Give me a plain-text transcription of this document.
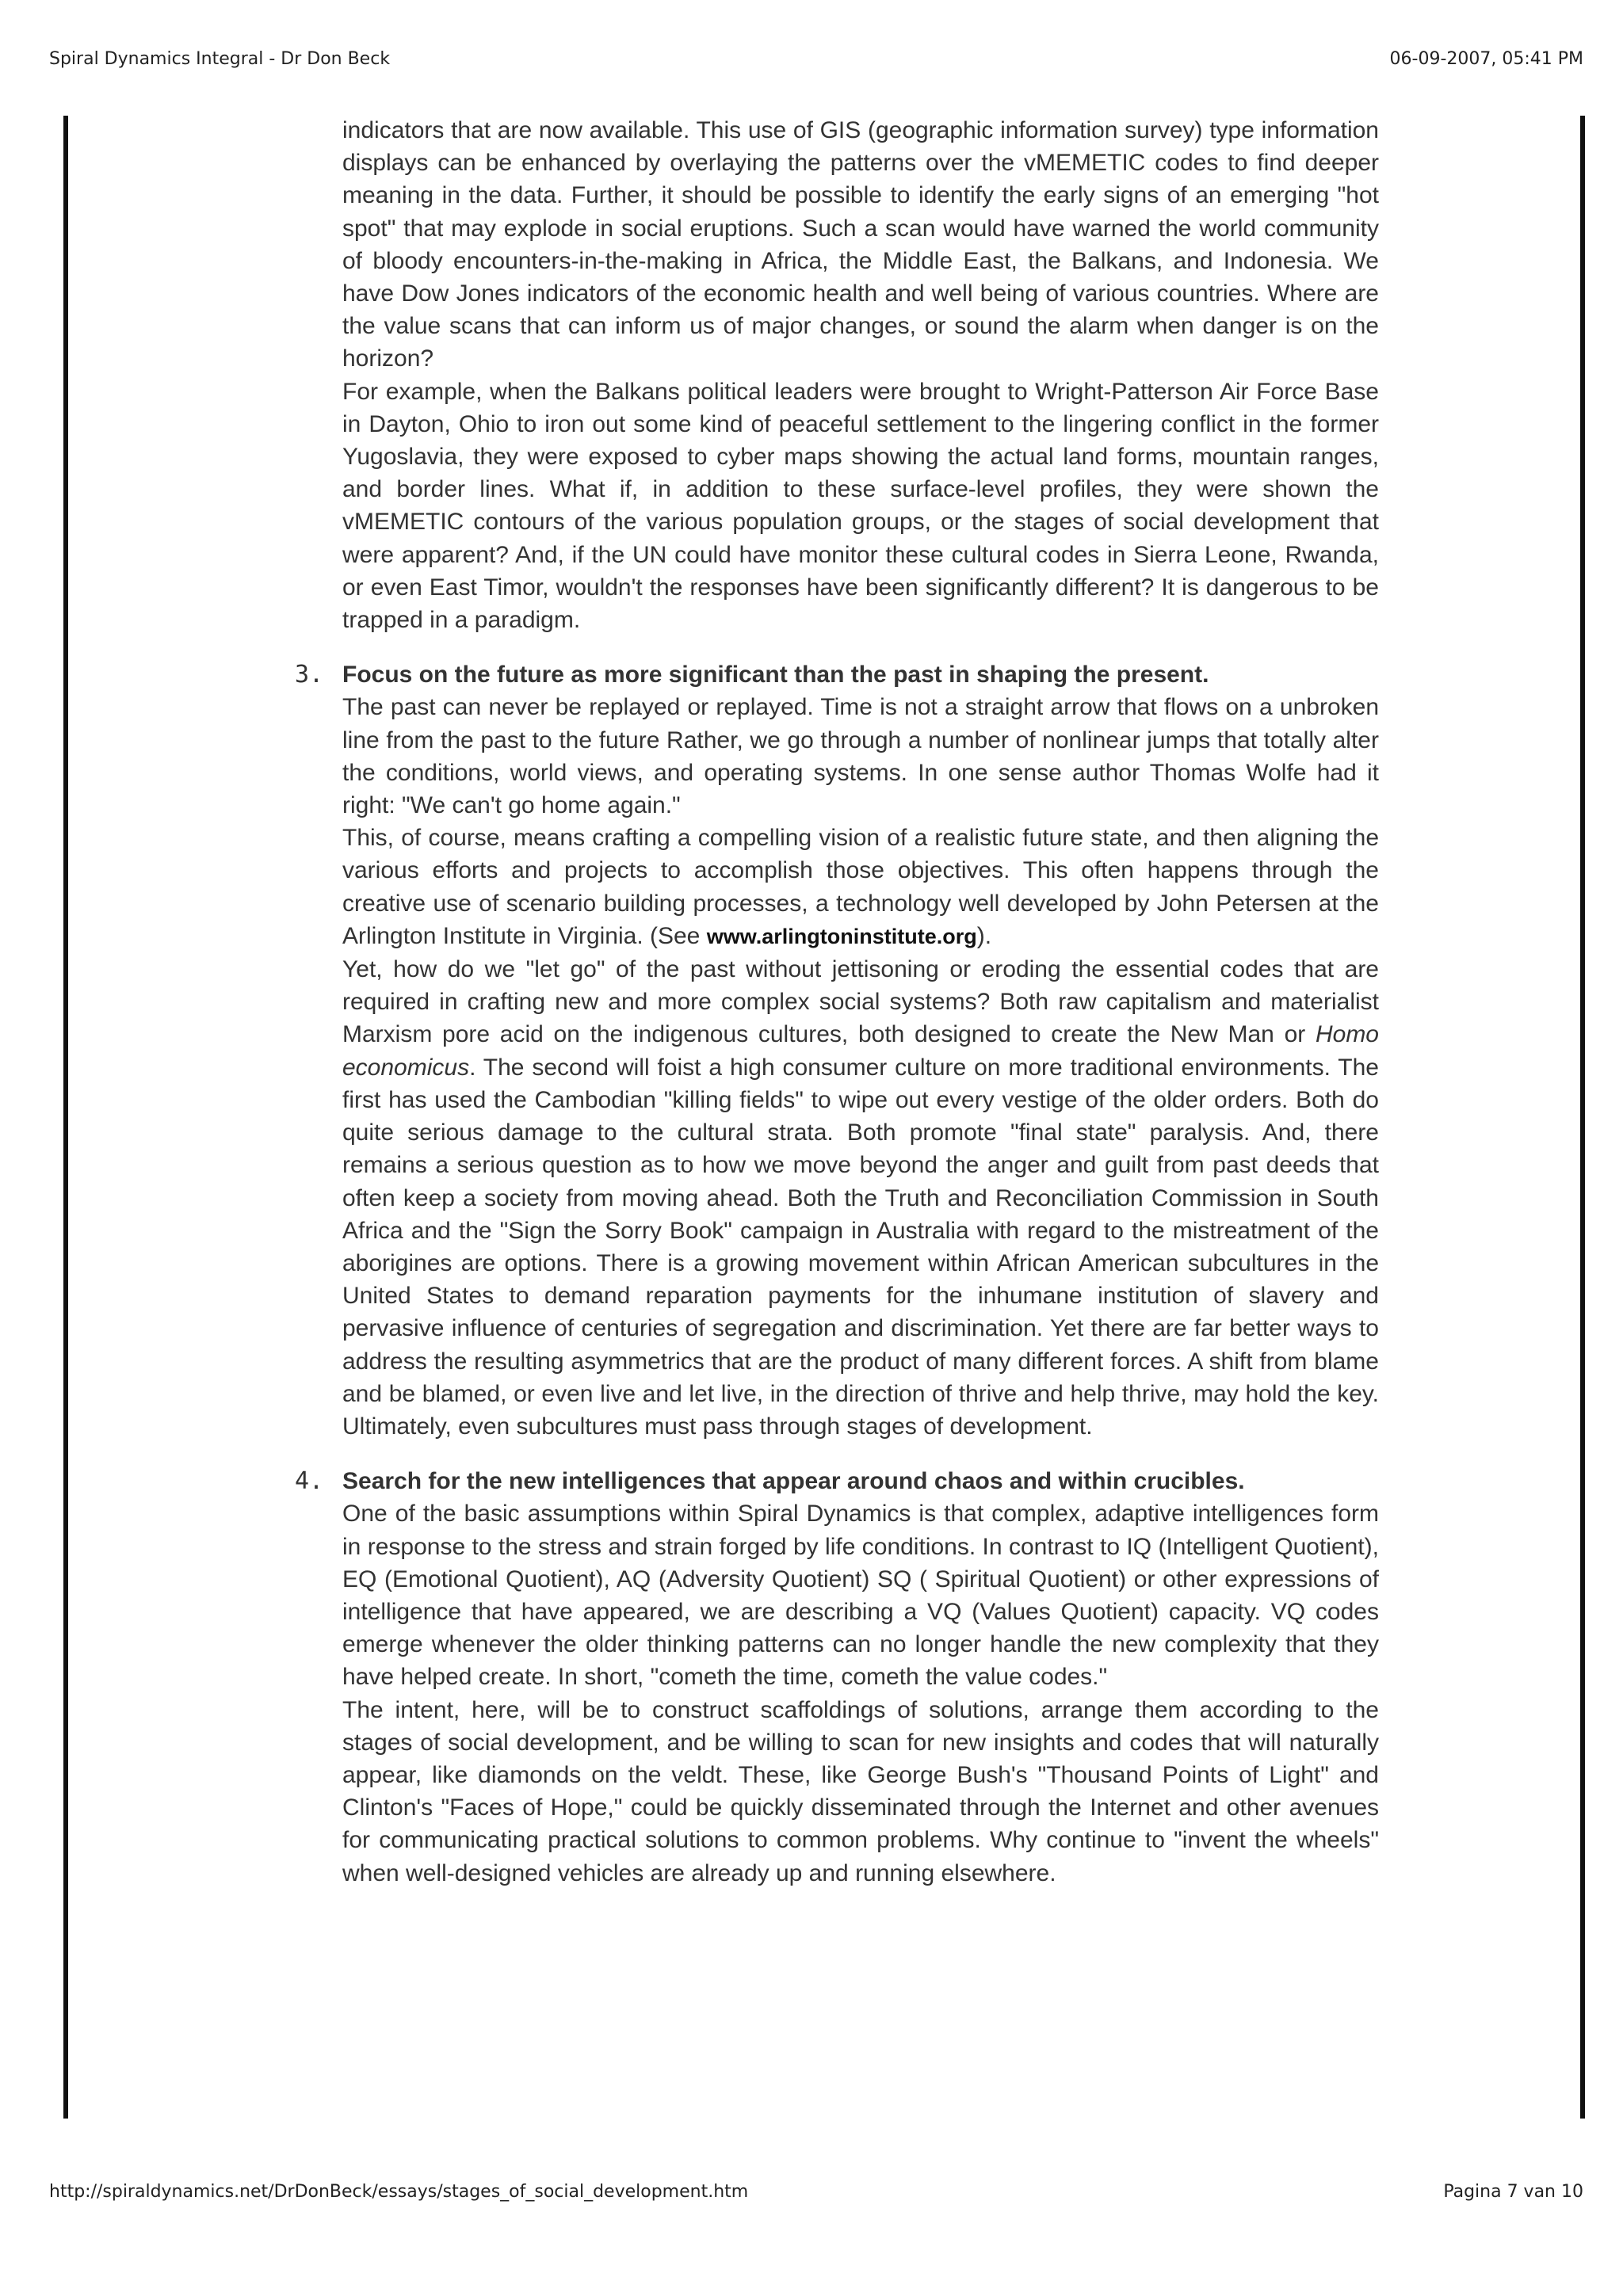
Spiral Dynamics Integral - Dr Don Beck	06-09-2007, 05:41 PM

indicators that are now available. This use of GIS (geographic information survey) type information displays can be enhanced by overlaying the patterns over the vMEMETIC codes to find deeper meaning in the data. Further, it should be possible to identify the early signs of an emerging "hot spot" that may explode in social eruptions. Such a scan would have warned the world community of bloody encounters-in-the-making in Africa, the Middle East, the Balkans, and Indonesia. We have Dow Jones indicators of the economic health and well being of various countries. Where are the value scans that can inform us of major changes, or sound the alarm when danger is on the horizon?

For example, when the Balkans political leaders were brought to Wright-Patterson Air Force Base in Dayton, Ohio to iron out some kind of peaceful settlement to the lingering conflict in the former Yugoslavia, they were exposed to cyber maps showing the actual land forms, mountain ranges, and border lines. What if, in addition to these surface-level profiles, they were shown the vMEMETIC contours of the various population groups, or the stages of social development that were apparent? And, if the UN could have monitor these cultural codes in Sierra Leone, Rwanda, or even East Timor, wouldn't the responses have been significantly different? It is dangerous to be trapped in a paradigm.

3. Focus on the future as more significant than the past in shaping the present.

The past can never be replayed or replayed. Time is not a straight arrow that flows on a unbroken line from the past to the future Rather, we go through a number of nonlinear jumps that totally alter the conditions, world views, and operating systems. In one sense author Thomas Wolfe had it right: "We can't go home again."

This, of course, means crafting a compelling vision of a realistic future state, and then aligning the various efforts and projects to accomplish those objectives. This often happens through the creative use of scenario building processes, a technology well developed by John Petersen at the Arlington Institute in Virginia. (See www.arlingtoninstitute.org).

Yet, how do we "let go" of the past without jettisoning or eroding the essential codes that are required in crafting new and more complex social systems? Both raw capitalism and materialist Marxism pore acid on the indigenous cultures, both designed to create the New Man or Homo economicus. The second will foist a high consumer culture on more traditional environments. The first has used the Cambodian "killing fields" to wipe out every vestige of the older orders. Both do quite serious damage to the cultural strata. Both promote "final state" paralysis. And, there remains a serious question as to how we move beyond the anger and guilt from past deeds that often keep a society from moving ahead. Both the Truth and Reconciliation Commission in South Africa and the "Sign the Sorry Book" campaign in Australia with regard to the mistreatment of the aborigines are options. There is a growing movement within African American subcultures in the United States to demand reparation payments for the inhumane institution of slavery and pervasive influence of centuries of segregation and discrimination. Yet there are far better ways to address the resulting asymmetrics that are the product of many different forces. A shift from blame and be blamed, or even live and let live, in the direction of thrive and help thrive, may hold the key. Ultimately, even subcultures must pass through stages of development.

4. Search for the new intelligences that appear around chaos and within crucibles.

One of the basic assumptions within Spiral Dynamics is that complex, adaptive intelligences form in response to the stress and strain forged by life conditions. In contrast to IQ (Intelligent Quotient), EQ (Emotional Quotient), AQ (Adversity Quotient) SQ ( Spiritual Quotient) or other expressions of intelligence that have appeared, we are describing a VQ (Values Quotient) capacity. VQ codes emerge whenever the older thinking patterns can no longer handle the new complexity that they have helped create. In short, "cometh the time, cometh the value codes."

The intent, here, will be to construct scaffoldings of solutions, arrange them according to the stages of social development, and be willing to scan for new insights and codes that will naturally appear, like diamonds on the veldt. These, like George Bush's "Thousand Points of Light" and Clinton's "Faces of Hope," could be quickly disseminated through the Internet and other avenues for communicating practical solutions to common problems. Why continue to "invent the wheels" when well-designed vehicles are already up and running elsewhere.

http://spiraldynamics.net/DrDonBeck/essays/stages_of_social_development.htm	Pagina 7 van 10
